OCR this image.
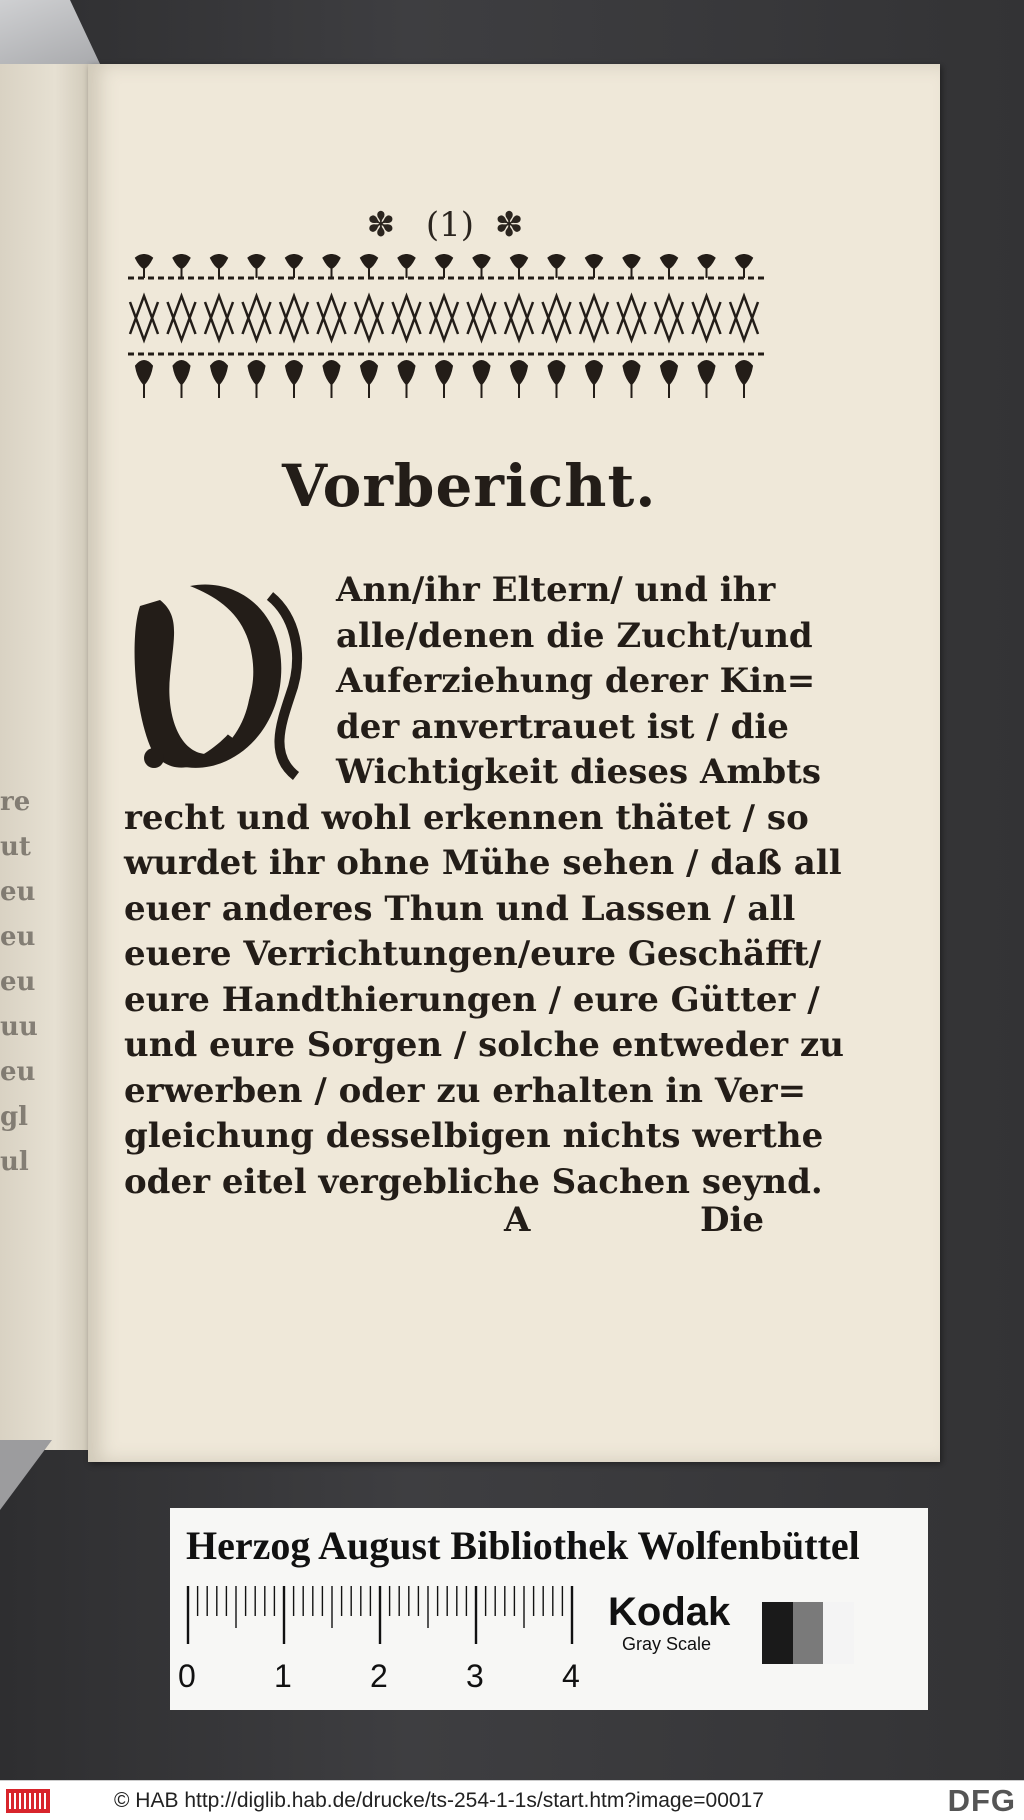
re
ut
eu
eu
eu
uu
eu
gl
ul
✽ (1) ✽
Vorbericht.
Ann/ihr Eltern/ und ihr
alle/denen die Zucht/und
Auferziehung derer Kin=
der anvertrauet ist / die
Wichtigkeit dieses Ambts
recht und wohl erkennen thätet / so
wurdet ihr ohne Mühe sehen / daß all
euer anderes Thun und Lassen / all
euere Verrichtungen/eure Geschäfft/
eure Handthierungen / eure Gütter /
und eure Sorgen / solche entweder zu
erwerben / oder zu erhalten in Ver=
gleichung desselbigen nichts werthe
oder eitel vergebliche Sachen seynd.
A	Die
Herzog August Bibliothek Wolfenbüttel
Kodak
Gray Scale
0 1 2 3 4
© HAB http://diglib.hab.de/drucke/ts-254-1-1s/start.htm?image=00017	DFG
